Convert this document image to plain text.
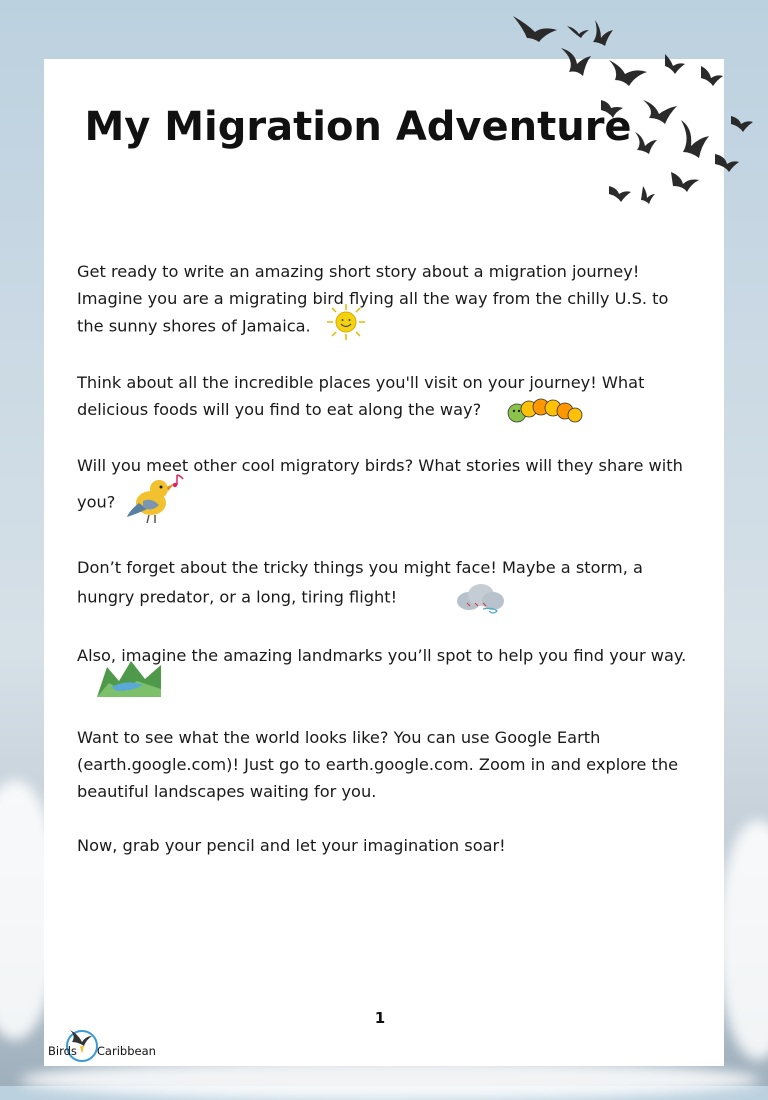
My Migration Adventure

Get ready to write an amazing short story about a migration journey! Imagine you are a migrating bird flying all the way from the chilly U.S. to the sunny shores of Jamaica.

Think about all the incredible places you'll visit on your journey! What delicious foods will you find to eat along the way?

Will you meet other cool migratory birds? What stories will they share with you?

Don’t forget about the tricky things you might face! Maybe a storm, a hungry predator, or a long, tiring flight!

Also, imagine the amazing landmarks you’ll spot to help you find your way.

Want to see what the world looks like? You can use Google Earth (earth.google.com)! Just go to earth.google.com. Zoom in and explore the beautiful landscapes waiting for you.

Now, grab your pencil and let your imagination soar!

1
Birds Caribbean
